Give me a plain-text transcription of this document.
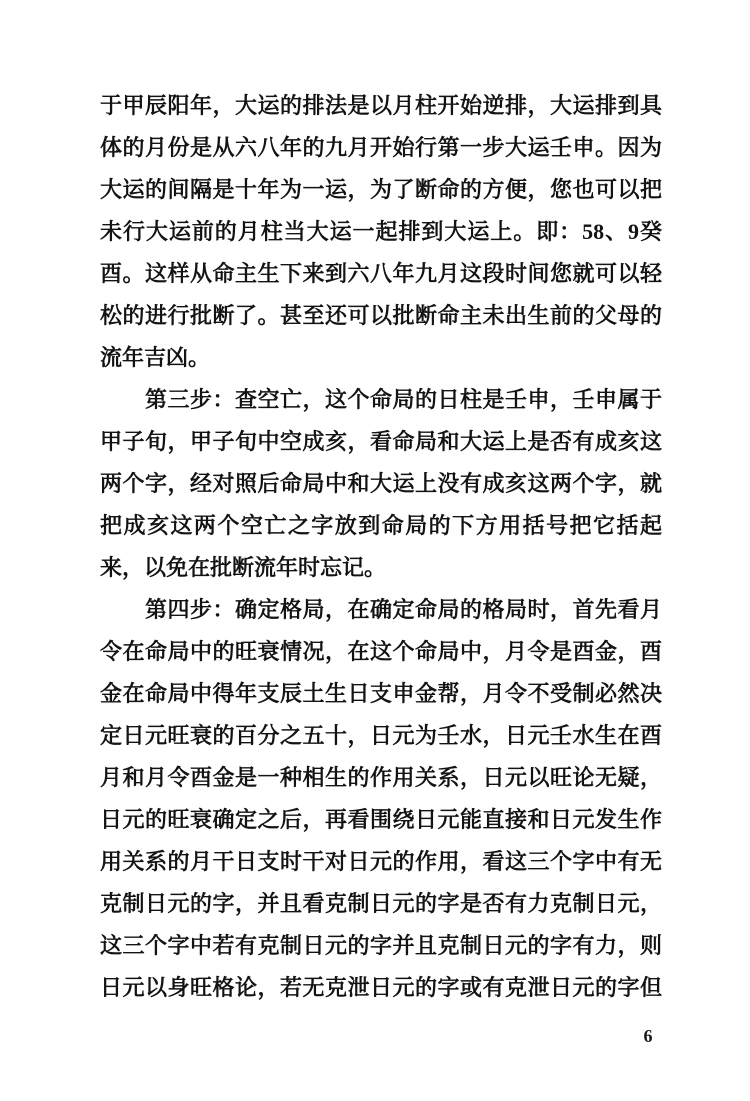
于甲辰阳年，大运的排法是以月柱开始逆排，大运排到具
体的月份是从六八年的九月开始行第一步大运壬申。因为
大运的间隔是十年为一运，为了断命的方便，您也可以把
未行大运前的月柱当大运一起排到大运上。即：58、9癸
酉。这样从命主生下来到六八年九月这段时间您就可以轻
松的进行批断了。甚至还可以批断命主未出生前的父母的
流年吉凶。
第三步：查空亡，这个命局的日柱是壬申，壬申属于
甲子旬，甲子旬中空成亥，看命局和大运上是否有成亥这
两个字，经对照后命局中和大运上没有成亥这两个字，就
把成亥这两个空亡之字放到命局的下方用括号把它括起
来，以免在批断流年时忘记。
第四步：确定格局，在确定命局的格局时，首先看月
令在命局中的旺衰情况，在这个命局中，月令是酉金，酉
金在命局中得年支辰土生日支申金帮，月令不受制必然决
定日元旺衰的百分之五十，日元为壬水，日元壬水生在酉
月和月令酉金是一种相生的作用关系，日元以旺论无疑，
日元的旺衰确定之后，再看围绕日元能直接和日元发生作
用关系的月干日支时干对日元的作用，看这三个字中有无
克制日元的字，并且看克制日元的字是否有力克制日元，
这三个字中若有克制日元的字并且克制日元的字有力，则
日元以身旺格论，若无克泄日元的字或有克泄日元的字但
6
